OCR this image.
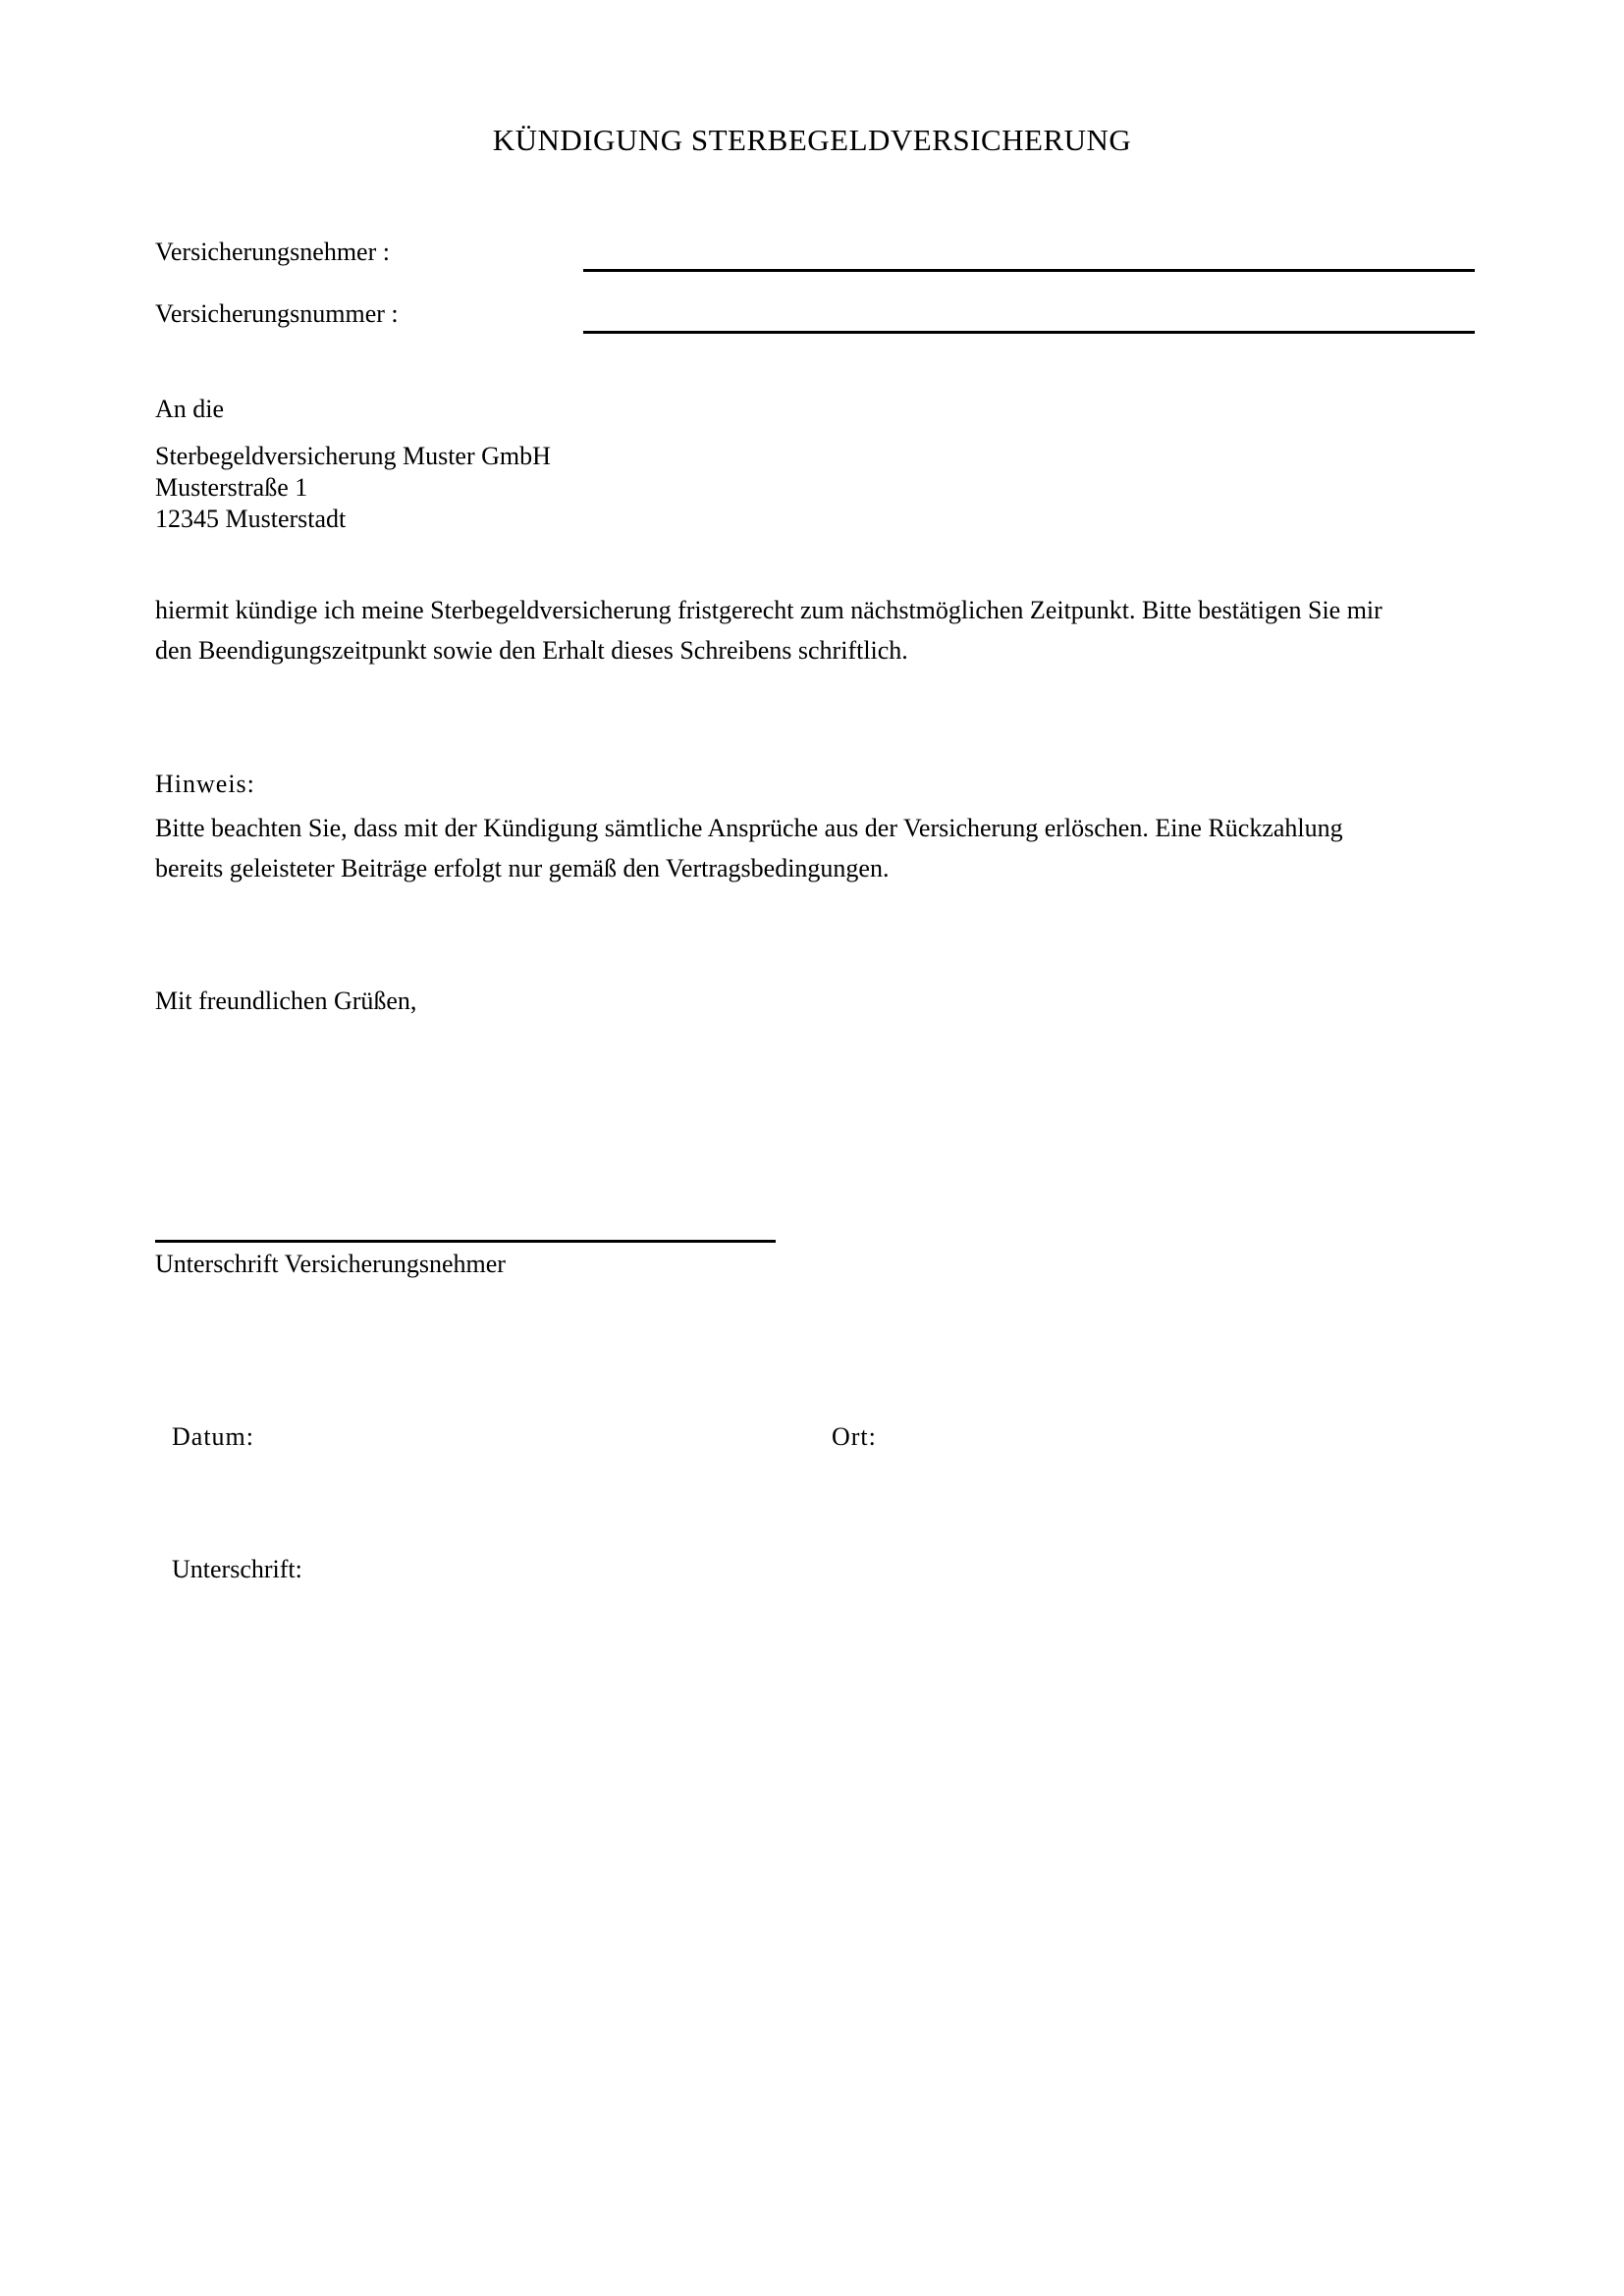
KÜNDIGUNG STERBEGELDVERSICHERUNG
Versicherungsnehmer :
Versicherungsnummer :
An die
Sterbegeldversicherung Muster GmbH
Musterstraße 1
12345 Musterstadt
hiermit kündige ich meine Sterbegeldversicherung fristgerecht zum nächstmöglichen Zeitpunkt. Bitte bestätigen Sie mir
den Beendigungszeitpunkt sowie den Erhalt dieses Schreibens schriftlich.
Hinweis:
Bitte beachten Sie, dass mit der Kündigung sämtliche Ansprüche aus der Versicherung erlöschen. Eine Rückzahlung
bereits geleisteter Beiträge erfolgt nur gemäß den Vertragsbedingungen.
Mit freundlichen Grüßen,
Unterschrift Versicherungsnehmer
Datum:	Ort:
Unterschrift:
